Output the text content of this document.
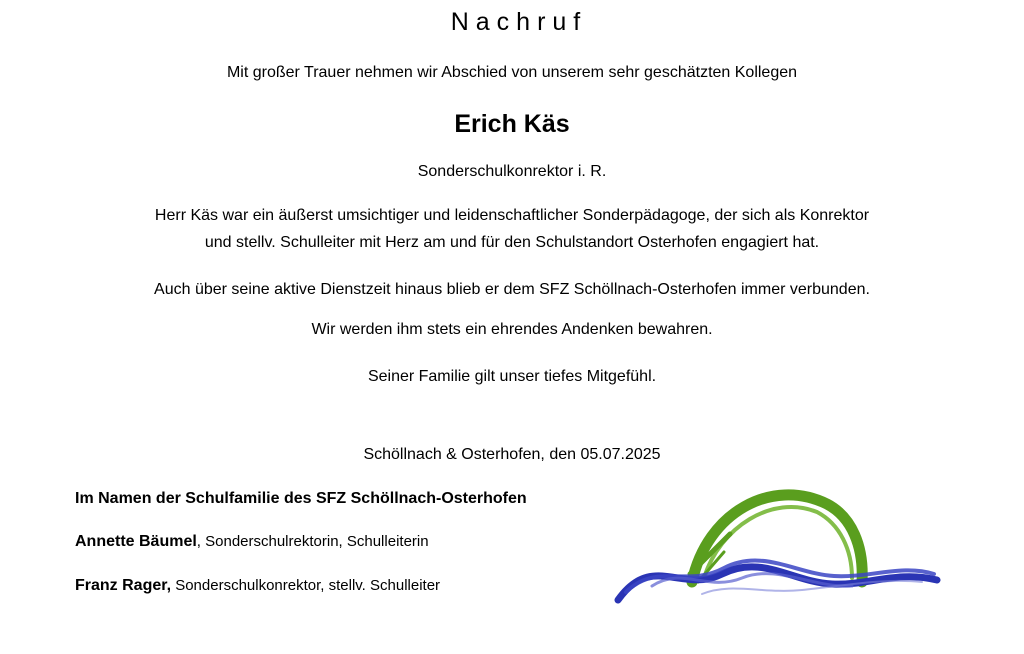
Nachruf
Mit großer Trauer nehmen wir Abschied von unserem sehr geschätzten Kollegen
Erich Käs
Sonderschulkonrektor i. R.
Herr Käs war ein äußerst umsichtiger und leidenschaftlicher Sonderpädagoge, der sich als Konrektor
und stellv. Schulleiter mit Herz am und für den Schulstandort Osterhofen engagiert hat.
Auch über seine aktive Dienstzeit hinaus blieb er dem SFZ Schöllnach-Osterhofen immer verbunden.
Wir werden ihm stets ein ehrendes Andenken bewahren.
Seiner Familie gilt unser tiefes Mitgefühl.
Schöllnach & Osterhofen, den 05.07.2025
Im Namen der Schulfamilie des SFZ Schöllnach-Osterhofen
Annette Bäumel, Sonderschulrektorin, Schulleiterin
Franz Rager, Sonderschulkonrektor, stellv. Schulleiter
